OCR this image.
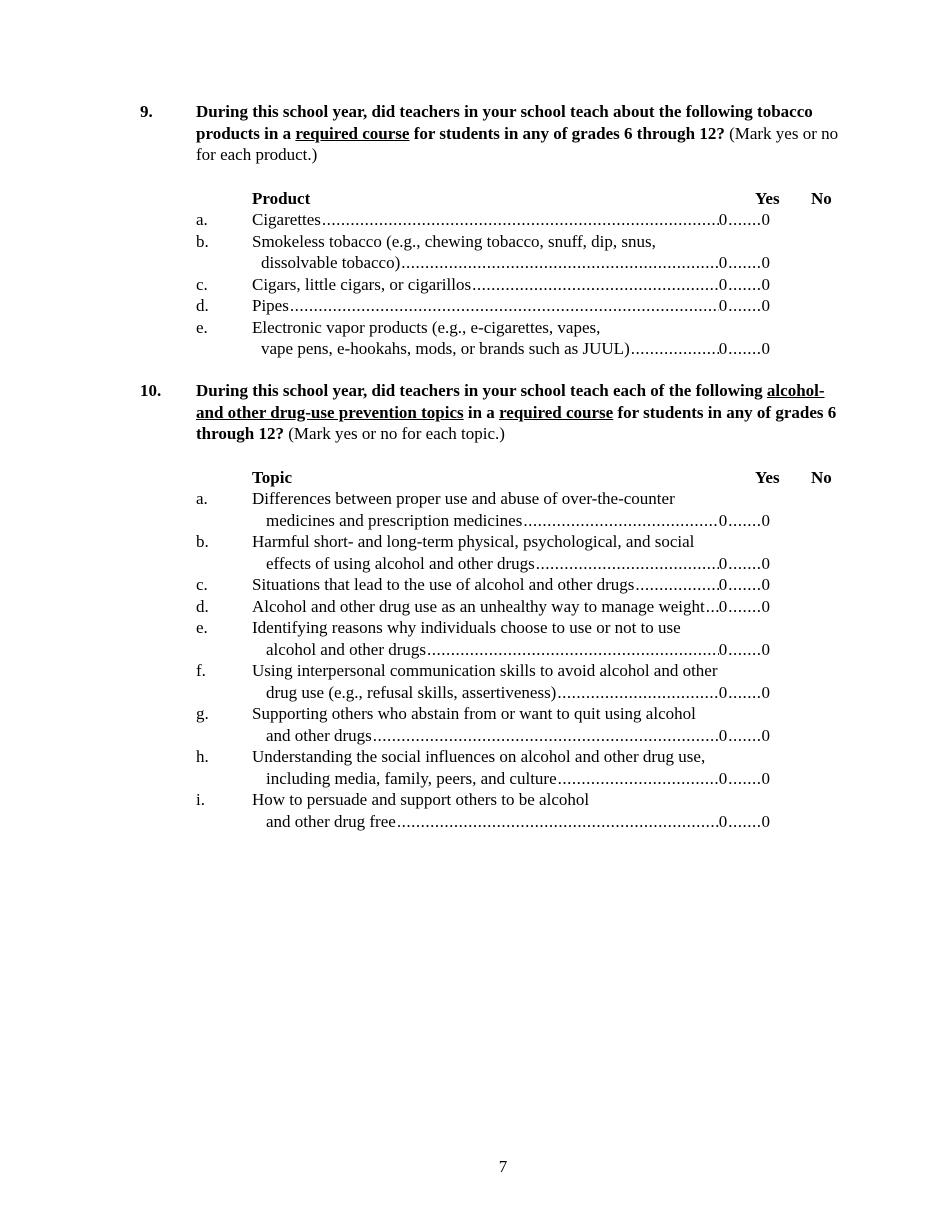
9.	During this school year, did teachers in your school teach about the following tobacco products in a required course for students in any of grades 6 through 12? (Mark yes or no for each product.)
Product	Yes No
a.	Cigarettes .....	0 ....... 0
b.	Smokeless tobacco (e.g., chewing tobacco, snuff, dip, snus,
dissolvable tobacco) .....	0 ....... 0
c.	Cigars, little cigars, or cigarillos .....	0 ....... 0
d.	Pipes .....	0 ....... 0
e.	Electronic vapor products (e.g., e-cigarettes, vapes,
vape pens, e-hookahs, mods, or brands such as JUUL) .....	0 ....... 0
10. During this school year, did teachers in your school teach each of the following alcohol- and other drug-use prevention topics in a required course for students in any of grades 6 through 12? (Mark yes or no for each topic.)
Topic	Yes No
a.	Differences between proper use and abuse of over-the-counter
medicines and prescription medicines .....	0 ....... 0
b.	Harmful short- and long-term physical, psychological, and social
effects of using alcohol and other drugs .....	0 ....... 0
c.	Situations that lead to the use of alcohol and other drugs .....	0 ....... 0
d.	Alcohol and other drug use as an unhealthy way to manage weight ..... 0 ....... 0
e.	Identifying reasons why individuals choose to use or not to use
alcohol and other drugs .....	0 ....... 0
f.	Using interpersonal communication skills to avoid alcohol and other
drug use (e.g., refusal skills, assertiveness) .....	0 ....... 0
g.	Supporting others who abstain from or want to quit using alcohol
and other drugs .....	0 ....... 0
h.	Understanding the social influences on alcohol and other drug use,
including media, family, peers, and culture .....	0 ....... 0
i.	How to persuade and support others to be alcohol
and other drug free .....	0 ....... 0
7
